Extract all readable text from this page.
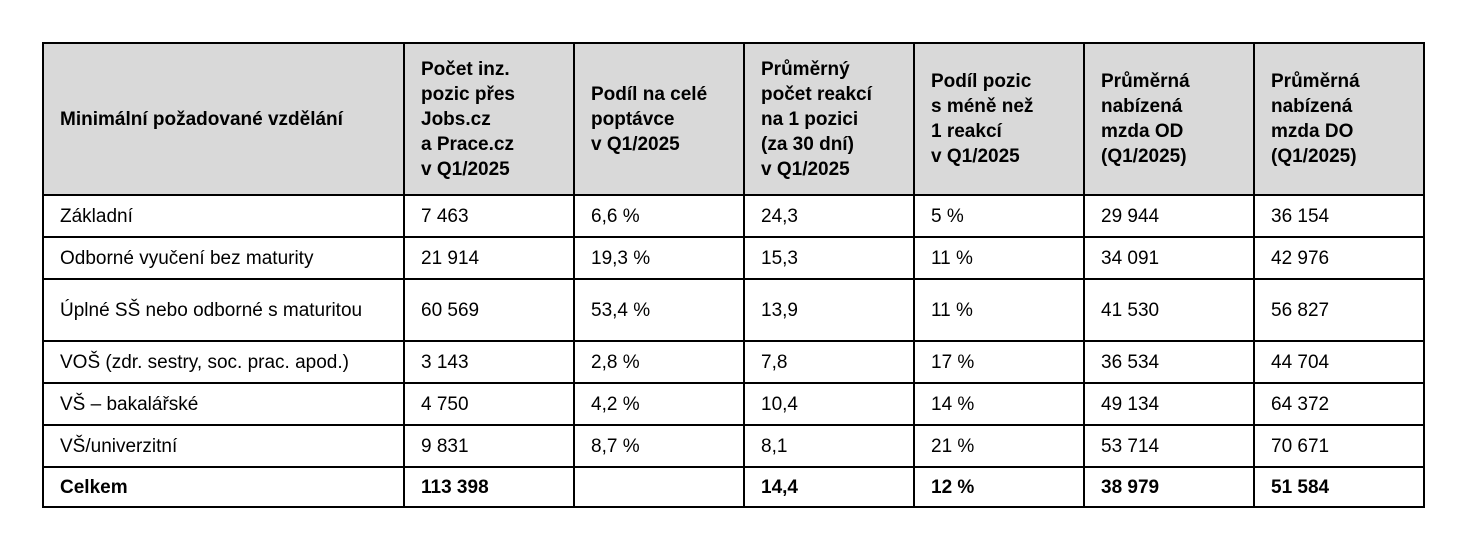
Minimální požadované vzdělání	Počet inz.
pozic přes
Jobs.cz
a Prace.cz
v Q1/2025	Podíl na celé
poptávce
v Q1/2025	Průměrný
počet reakcí
na 1 pozici
(za 30 dní)
v Q1/2025	Podíl pozic
s méně než
1 reakcí
v Q1/2025	Průměrná
nabízená
mzda OD
(Q1/2025)	Průměrná
nabízená
mzda DO
(Q1/2025)

Základní	7 463	6,6 %	24,3	5 %	29 944	36 154
Odborné vyučení bez maturity	21 914	19,3 %	15,3	11 %	34 091	42 976
Úplné SŠ nebo odborné s maturitou	60 569	53,4 %	13,9	11 %	41 530	56 827
VOŠ (zdr. sestry, soc. prac. apod.)	3 143	2,8 %	7,8	17 %	36 534	44 704
VŠ – bakalářské	4 750	4,2 %	10,4	14 %	49 134	64 372
VŠ/univerzitní	9 831	8,7 %	8,1	21 %	53 714	70 671
Celkem	113 398		14,4	12 %	38 979	51 584
